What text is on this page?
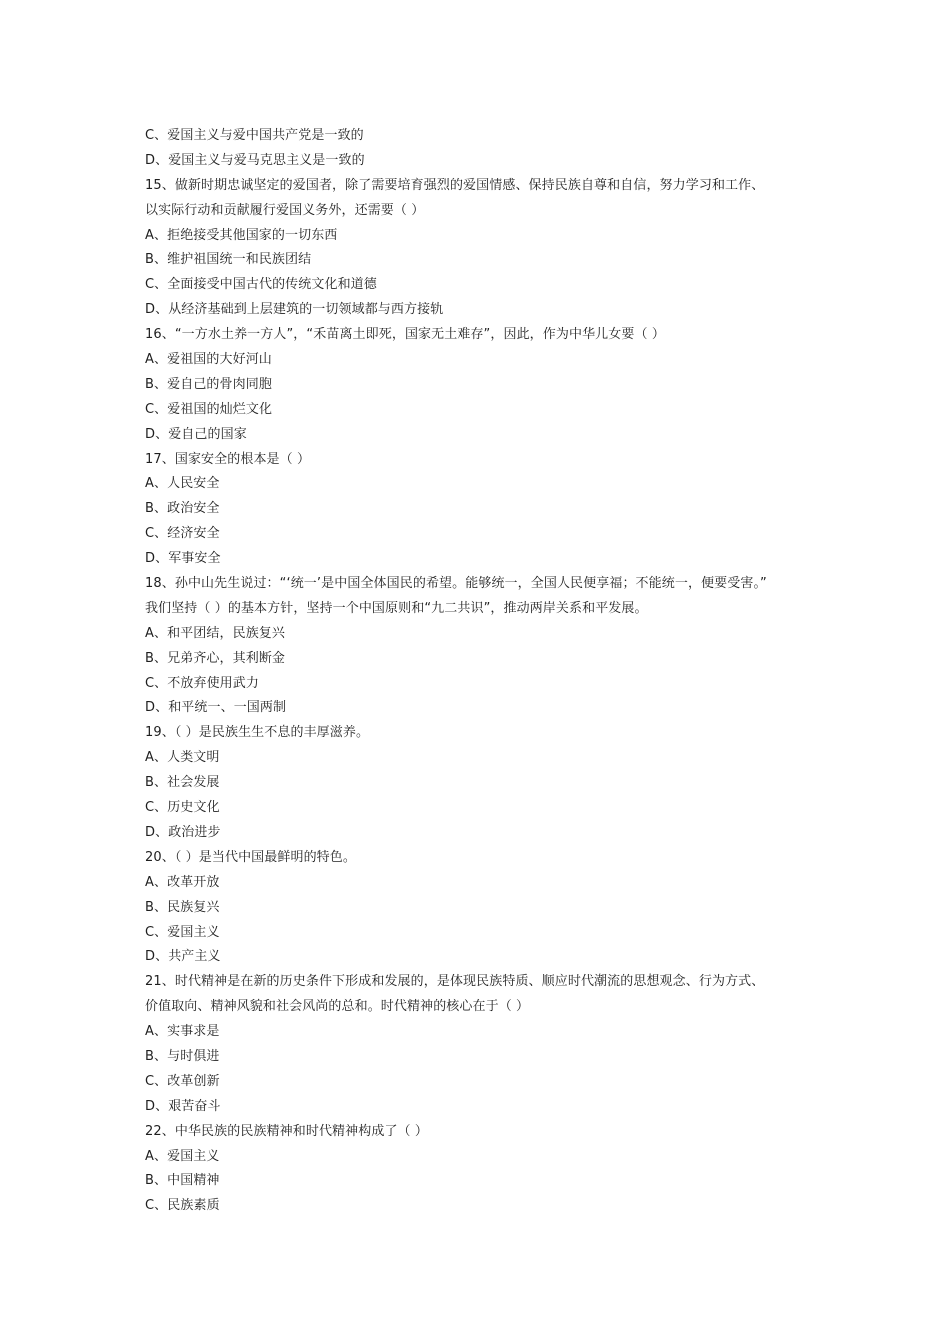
C、爱国主义与爱中国共产党是一致的
D、爱国主义与爱马克思主义是一致的
15、做新时期忠诚坚定的爱国者，除了需要培育强烈的爱国情感、保持民族自尊和自信，努力学习和工作、
以实际行动和贡献履行爱国义务外，还需要（ ）
A、拒绝接受其他国家的一切东西
B、维护祖国统一和民族团结
C、全面接受中国古代的传统文化和道德
D、从经济基础到上层建筑的一切领域都与西方接轨
16、“一方水土养一方人”，“禾苗离土即死，国家无土难存”，因此，作为中华儿女要（ ）
A、爱祖国的大好河山
B、爱自己的骨肉同胞
C、爱祖国的灿烂文化
D、爱自己的国家
17、国家安全的根本是（ ）
A、人民安全
B、政治安全
C、经济安全
D、军事安全
18、孙中山先生说过：“‘统一’是中国全体国民的希望。能够统一，全国人民便享福；不能统一，便要受害。”
我们坚持（ ）的基本方针，坚持一个中国原则和“九二共识”，推动两岸关系和平发展。
A、和平团结，民族复兴
B、兄弟齐心，其利断金
C、不放弃使用武力
D、和平统一、一国两制
19、（ ）是民族生生不息的丰厚滋养。
A、人类文明
B、社会发展
C、历史文化
D、政治进步
20、（ ）是当代中国最鲜明的特色。
A、改革开放
B、民族复兴
C、爱国主义
D、共产主义
21、时代精神是在新的历史条件下形成和发展的，是体现民族特质、顺应时代潮流的思想观念、行为方式、
价值取向、精神风貌和社会风尚的总和。时代精神的核心在于（ ）
A、实事求是
B、与时俱进
C、改革创新
D、艰苦奋斗
22、中华民族的民族精神和时代精神构成了（ ）
A、爱国主义
B、中国精神
C、民族素质
